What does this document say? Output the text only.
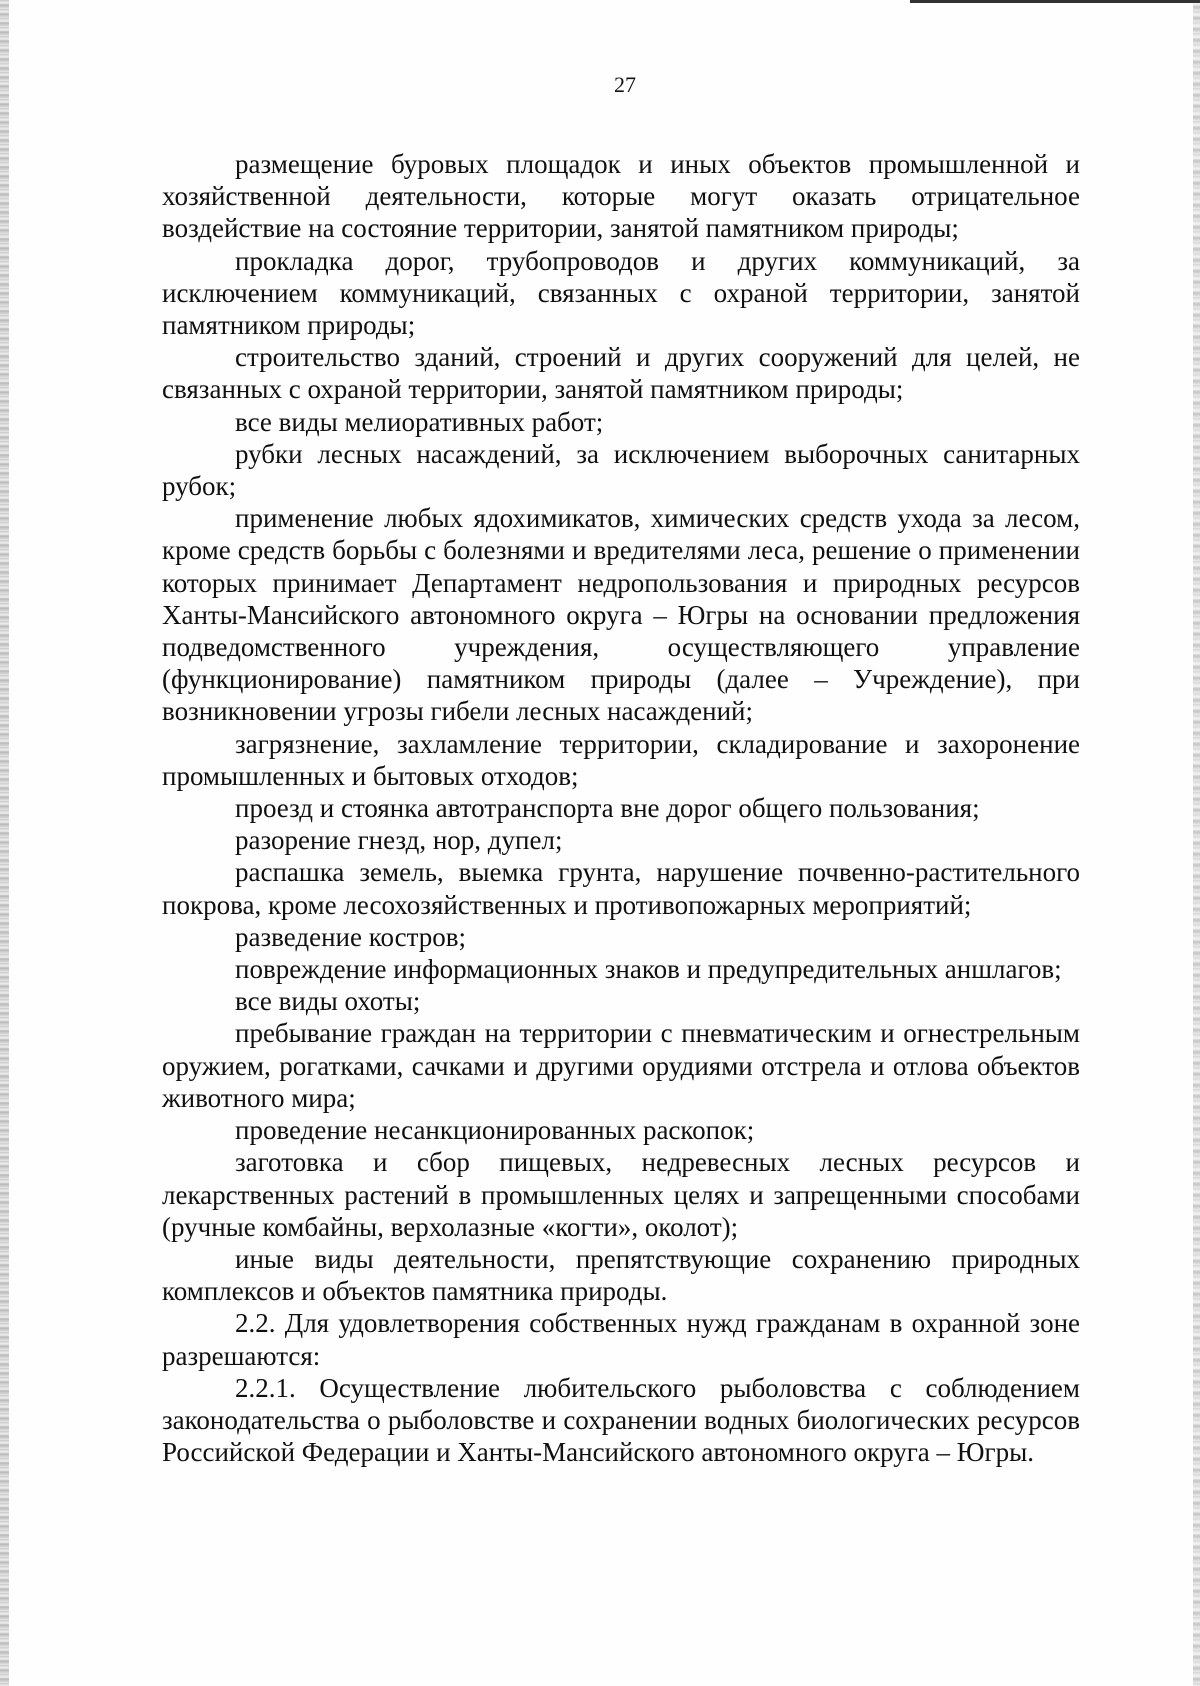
27

размещение буровых площадок и иных объектов промышленной и хозяйственной деятельности, которые могут оказать отрицательное воздействие на состояние территории, занятой памятником природы;

прокладка дорог, трубопроводов и других коммуникаций, за исключением коммуникаций, связанных с охраной территории, занятой памятником природы;

строительство зданий, строений и других сооружений для целей, не связанных с охраной территории, занятой памятником природы;

все виды мелиоративных работ;

рубки лесных насаждений, за исключением выборочных санитарных рубок;

применение любых ядохимикатов, химических средств ухода за лесом, кроме средств борьбы с болезнями и вредителями леса, решение о применении которых принимает Департамент недропользования и природных ресурсов Ханты-Мансийского автономного округа – Югры на основании предложения подведомственного учреждения, осуществляющего управление (функционирование) памятником природы (далее – Учреждение), при возникновении угрозы гибели лесных насаждений;

загрязнение, захламление территории, складирование и захоронение промышленных и бытовых отходов;

проезд и стоянка автотранспорта вне дорог общего пользования;

разорение гнезд, нор, дупел;

распашка земель, выемка грунта, нарушение почвенно-растительного покрова, кроме лесохозяйственных и противопожарных мероприятий;

разведение костров;

повреждение информационных знаков и предупредительных аншлагов;

все виды охоты;

пребывание граждан на территории с пневматическим и огнестрельным оружием, рогатками, сачками и другими орудиями отстрела и отлова объектов животного мира;

проведение несанкционированных раскопок;

заготовка и сбор пищевых, недревесных лесных ресурсов и лекарственных растений в промышленных целях и запрещенными способами (ручные комбайны, верхолазные «когти», околот);

иные виды деятельности, препятствующие сохранению природных комплексов и объектов памятника природы.

2.2. Для удовлетворения собственных нужд гражданам в охранной зоне разрешаются:

2.2.1. Осуществление любительского рыболовства с соблюдением законодательства о рыболовстве и сохранении водных биологических ресурсов Российской Федерации и Ханты-Мансийского автономного округа – Югры.
